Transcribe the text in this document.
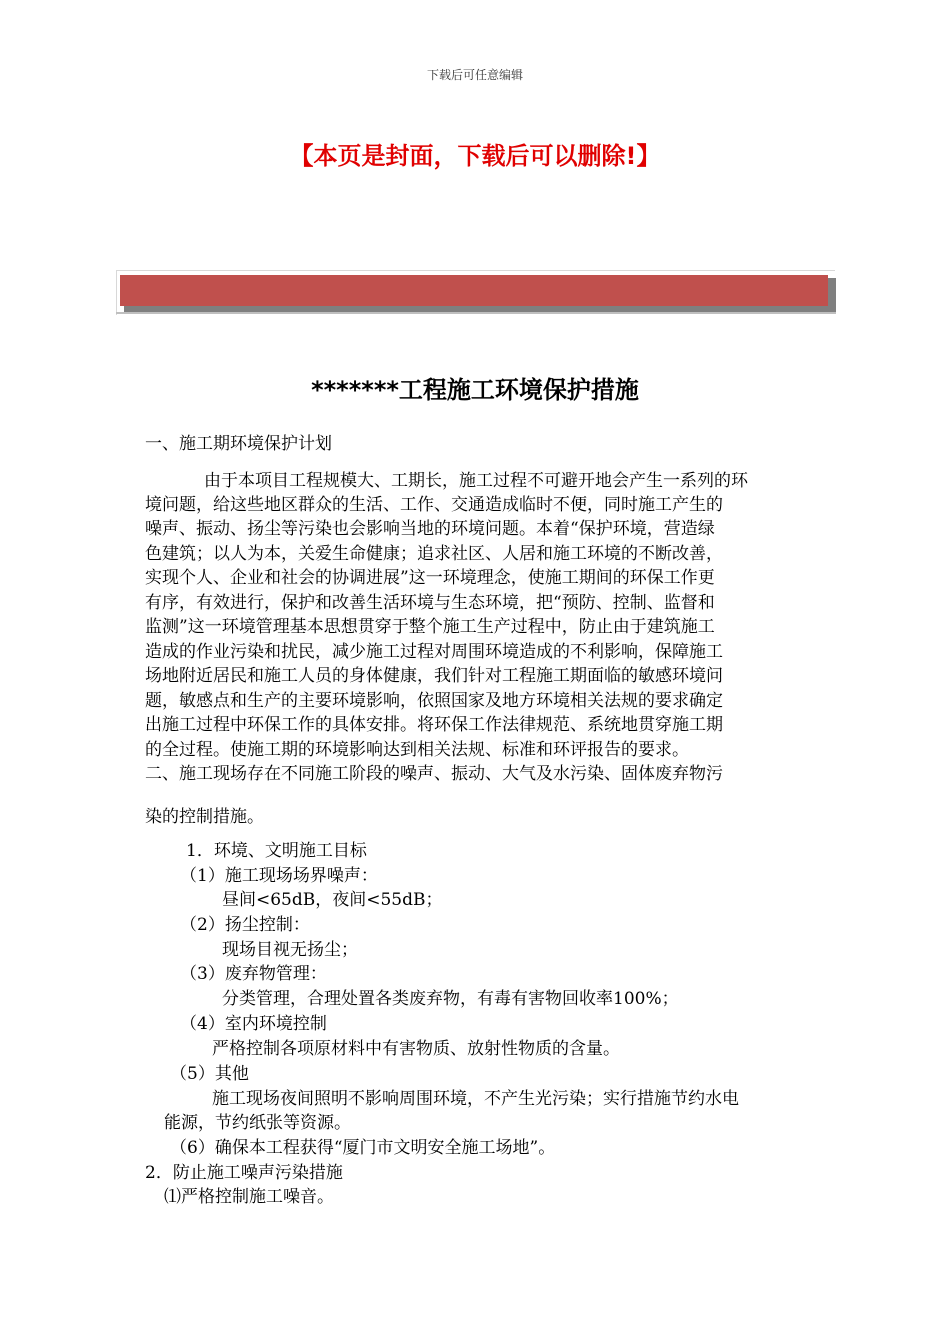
下载后可任意编辑
【本页是封面，下载后可以删除!】
*******工程施工环境保护措施
一、施工期环境保护计划
由于本项目工程规模大、工期长，施工过程不可避开地会产生一系列的环
境问题，给这些地区群众的生活、工作、交通造成临时不便，同时施工产生的
噪声、振动、扬尘等污染也会影响当地的环境问题。本着“保护环境，营造绿
色建筑；以人为本，关爱生命健康；追求社区、人居和施工环境的不断改善，
实现个人、企业和社会的协调进展”这一环境理念，使施工期间的环保工作更
有序，有效进行，保护和改善生活环境与生态环境，把“预防、控制、监督和
监测”这一环境管理基本思想贯穿于整个施工生产过程中，防止由于建筑施工
造成的作业污染和扰民，减少施工过程对周围环境造成的不利影响，保障施工
场地附近居民和施工人员的身体健康，我们针对工程施工期面临的敏感环境问
题，敏感点和生产的主要环境影响，依照国家及地方环境相关法规的要求确定
出施工过程中环保工作的具体安排。将环保工作法律规范、系统地贯穿施工期
的全过程。使施工期的环境影响达到相关法规、标准和环评报告的要求。
二、施工现场存在不同施工阶段的噪声、振动、大气及水污染、固体废弃物污
染的控制措施。
1．环境、文明施工目标
（1）施工现场场界噪声：
昼间<65dB，夜间<55dB；
（2）扬尘控制：
现场目视无扬尘；
（3）废弃物管理：
分类管理，合理处置各类废弃物，有毒有害物回收率100%；
（4）室内环境控制
严格控制各项原材料中有害物质、放射性物质的含量。
（5）其他
施工现场夜间照明不影响周围环境，不产生光污染；实行措施节约水电
能源，节约纸张等资源。
（6）确保本工程获得“厦门市文明安全施工场地”。
2．防止施工噪声污染措施
⑴严格控制施工噪音。
